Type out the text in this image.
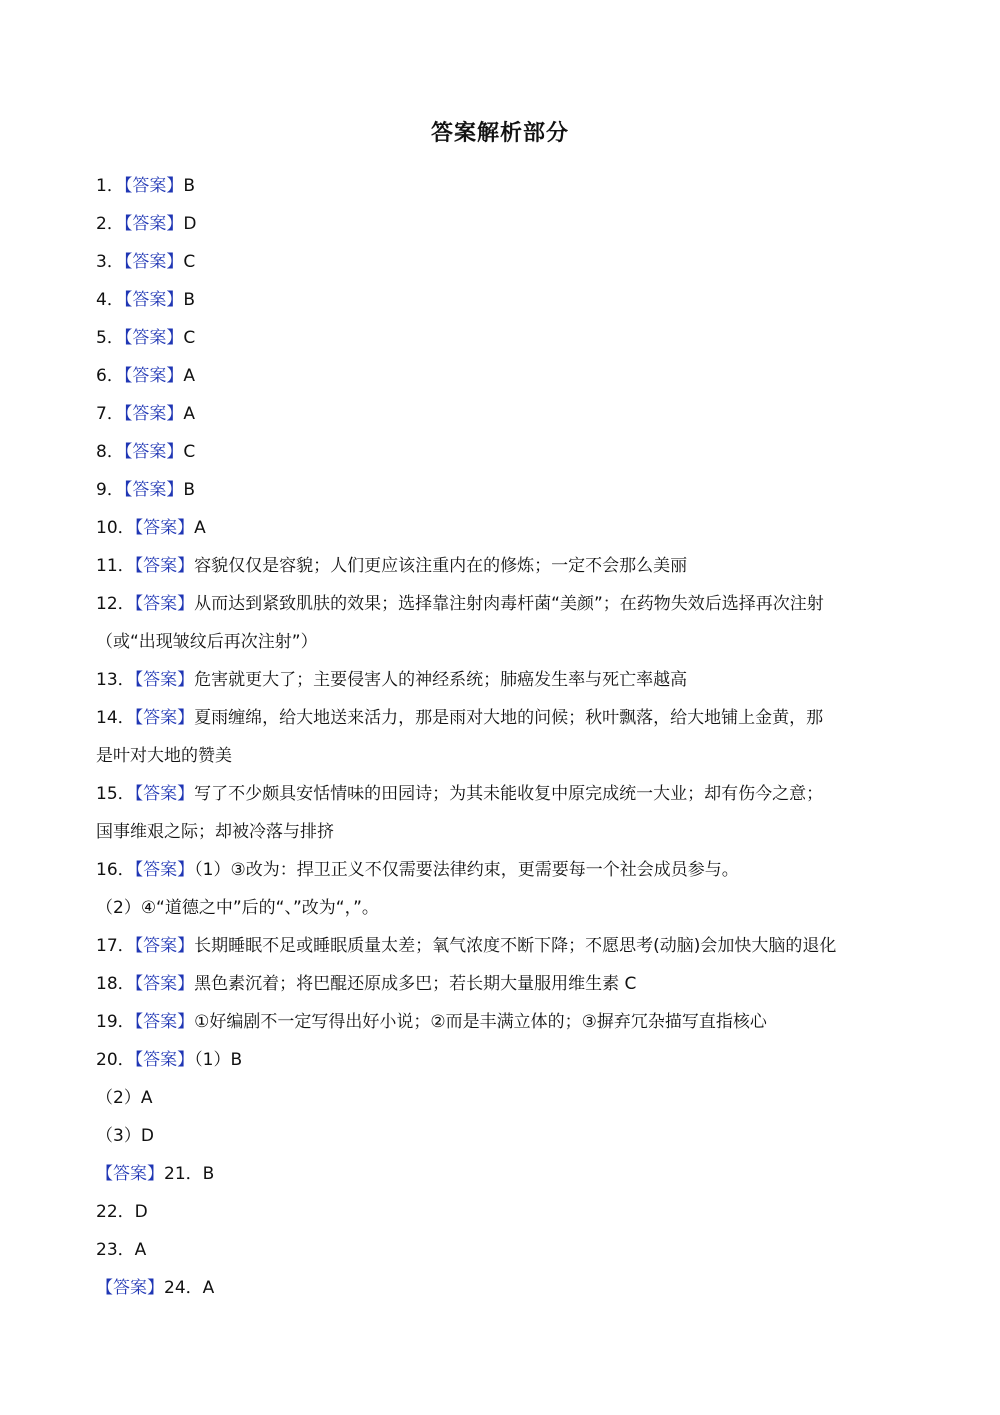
答案解析部分
1．【答案】B
2．【答案】D
3．【答案】C
4．【答案】B
5．【答案】C
6．【答案】A
7．【答案】A
8．【答案】C
9．【答案】B
10．【答案】A
11．【答案】容貌仅仅是容貌；人们更应该注重内在的修炼；一定不会那么美丽
12．【答案】从而达到紧致肌肤的效果；选择靠注射肉毒杆菌“美颜”；在药物失效后选择再次注射
（或“出现皱纹后再次注射”）
13．【答案】危害就更大了；主要侵害人的神经系统；肺癌发生率与死亡率越高
14．【答案】夏雨缠绵，给大地送来活力，那是雨对大地的问候；秋叶飘落，给大地铺上金黄，那
是叶对大地的赞美
15．【答案】写了不少颇具安恬情味的田园诗；为其未能收复中原完成统一大业；却有伤今之意；
国事维艰之际；却被冷落与排挤
16．【答案】（1）③改为：捍卫正义不仅需要法律约束，更需要每一个社会成员参与。
（2）④“道德之中”后的“、”改为“，”。
17．【答案】长期睡眠不足或睡眠质量太差；氧气浓度不断下降；不愿思考(动脑)会加快大脑的退化
18．【答案】黑色素沉着；将巴醌还原成多巴；若长期大量服用维生素 C
19．【答案】①好编剧不一定写得出好小说；②而是丰满立体的；③摒弃冗杂描写直指核心
20．【答案】（1）B
（2）A
（3）D
【答案】21．B
22．D
23．A
【答案】24．A
